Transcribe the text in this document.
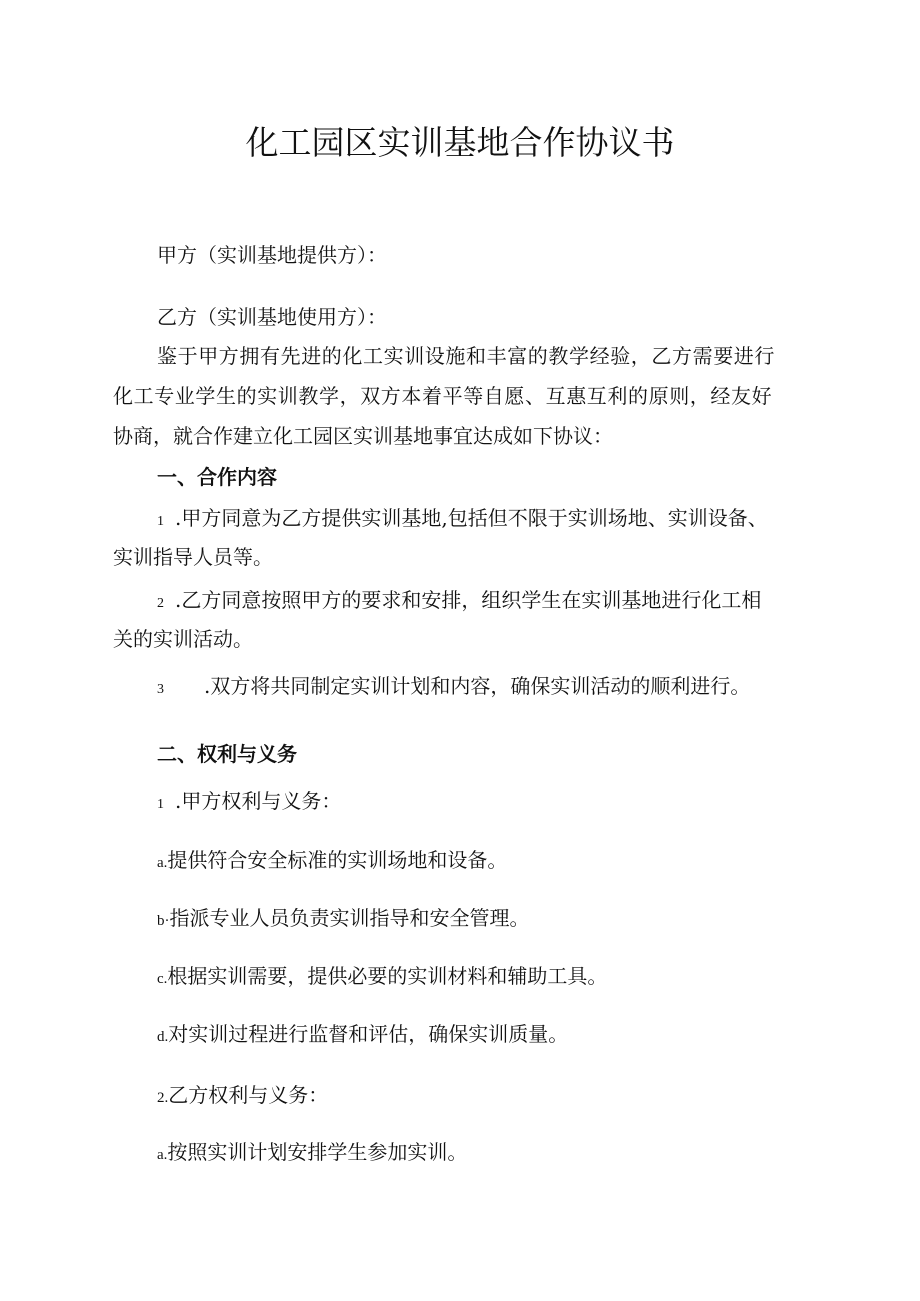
化工园区实训基地合作协议书
甲方（实训基地提供方）：
乙方（实训基地使用方）：
鉴于甲方拥有先进的化工实训设施和丰富的教学经验，乙方需要进行
化工专业学生的实训教学，双方本着平等自愿、互惠互利的原则，经友好
协商，就合作建立化工园区实训基地事宜达成如下协议：
一、合作内容
1 .甲方同意为乙方提供实训基地,包括但不限于实训场地、实训设备、
实训指导人员等。
2 .乙方同意按照甲方的要求和安排，组织学生在实训基地进行化工相
关的实训活动。
3 .双方将共同制定实训计划和内容，确保实训活动的顺利进行。
二、权利与义务
1 .甲方权利与义务：
a.提供符合安全标准的实训场地和设备。
b·指派专业人员负责实训指导和安全管理。
c.根据实训需要，提供必要的实训材料和辅助工具。
d.对实训过程进行监督和评估，确保实训质量。
2.乙方权利与义务：
a.按照实训计划安排学生参加实训。
